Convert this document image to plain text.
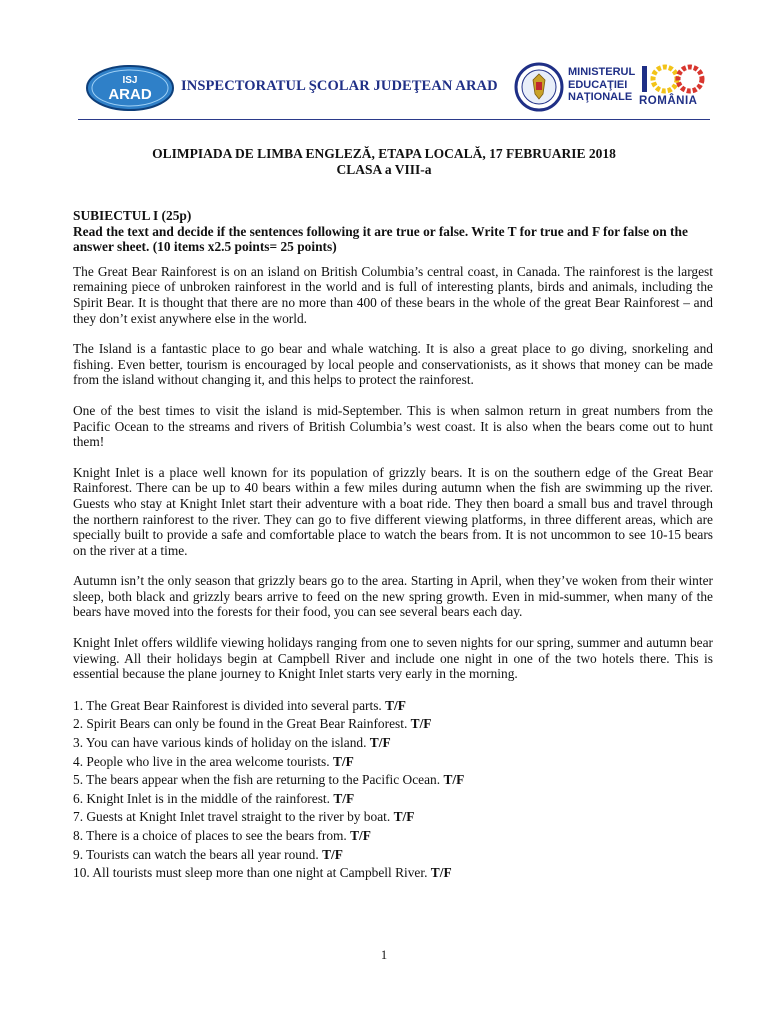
ISJ
ARAD INSPECTORATUL ŞCOLAR JUDEŢEAN ARAD
MINISTERUL
EDUCAŢIEI
NAŢIONALE ROMÂNIA
OLIMPIADA DE LIMBA ENGLEZĂ, ETAPA LOCALĂ, 17 FEBRUARIE 2018
CLASA a VIII-a
SUBIECTUL I (25p)
Read the text and decide if the sentences following it are true or false. Write T for true and F for false on the answer sheet. (10 items x2.5 points= 25 points)

The Great Bear Rainforest is on an island on British Columbia’s central coast, in Canada. The rainforest is the largest remaining piece of unbroken rainforest in the world and is full of interesting plants, birds and animals, including the Spirit Bear. It is thought that there are no more than 400 of these bears in the whole of the great Bear Rainforest – and they don’t exist anywhere else in the world.

The Island is a fantastic place to go bear and whale watching. It is also a great place to go diving, snorkeling and fishing. Even better, tourism is encouraged by local people and conservationists, as it shows that money can be made from the island without changing it, and this helps to protect the rainforest.

One of the best times to visit the island is mid-September. This is when salmon return in great numbers from the Pacific Ocean to the streams and rivers of British Columbia’s west coast. It is also when the bears come out to hunt them!

Knight Inlet is a place well known for its population of grizzly bears. It is on the southern edge of the Great Bear Rainforest. There can be up to 40 bears within a few miles during autumn when the fish are swimming up the river. Guests who stay at Knight Inlet start their adventure with a boat ride. They then board a small bus and travel through the northern rainforest to the river. They can go to five different viewing platforms, in three different areas, which are specially built to provide a safe and comfortable place to watch the bears from. It is not uncommon to see 10-15 bears on the river at a time.

Autumn isn’t the only season that grizzly bears go to the area. Starting in April, when they’ve woken from their winter sleep, both black and grizzly bears arrive to feed on the new spring growth. Even in mid-summer, when many of the bears have moved into the forests for their food, you can see several bears each day.

Knight Inlet offers wildlife viewing holidays ranging from one to seven nights for our spring, summer and autumn bear viewing. All their holidays begin at Campbell River and include one night in one of the two hotels there. This is essential because the plane journey to Knight Inlet starts very early in the morning.

1. The Great Bear Rainforest is divided into several parts. T/F
2. Spirit Bears can only be found in the Great Bear Rainforest. T/F
3. You can have various kinds of holiday on the island. T/F
4. People who live in the area welcome tourists. T/F
5. The bears appear when the fish are returning to the Pacific Ocean. T/F
6. Knight Inlet is in the middle of the rainforest. T/F
7. Guests at Knight Inlet travel straight to the river by boat. T/F
8. There is a choice of places to see the bears from. T/F
9. Tourists can watch the bears all year round. T/F
10. All tourists must sleep more than one night at Campbell River. T/F
1
